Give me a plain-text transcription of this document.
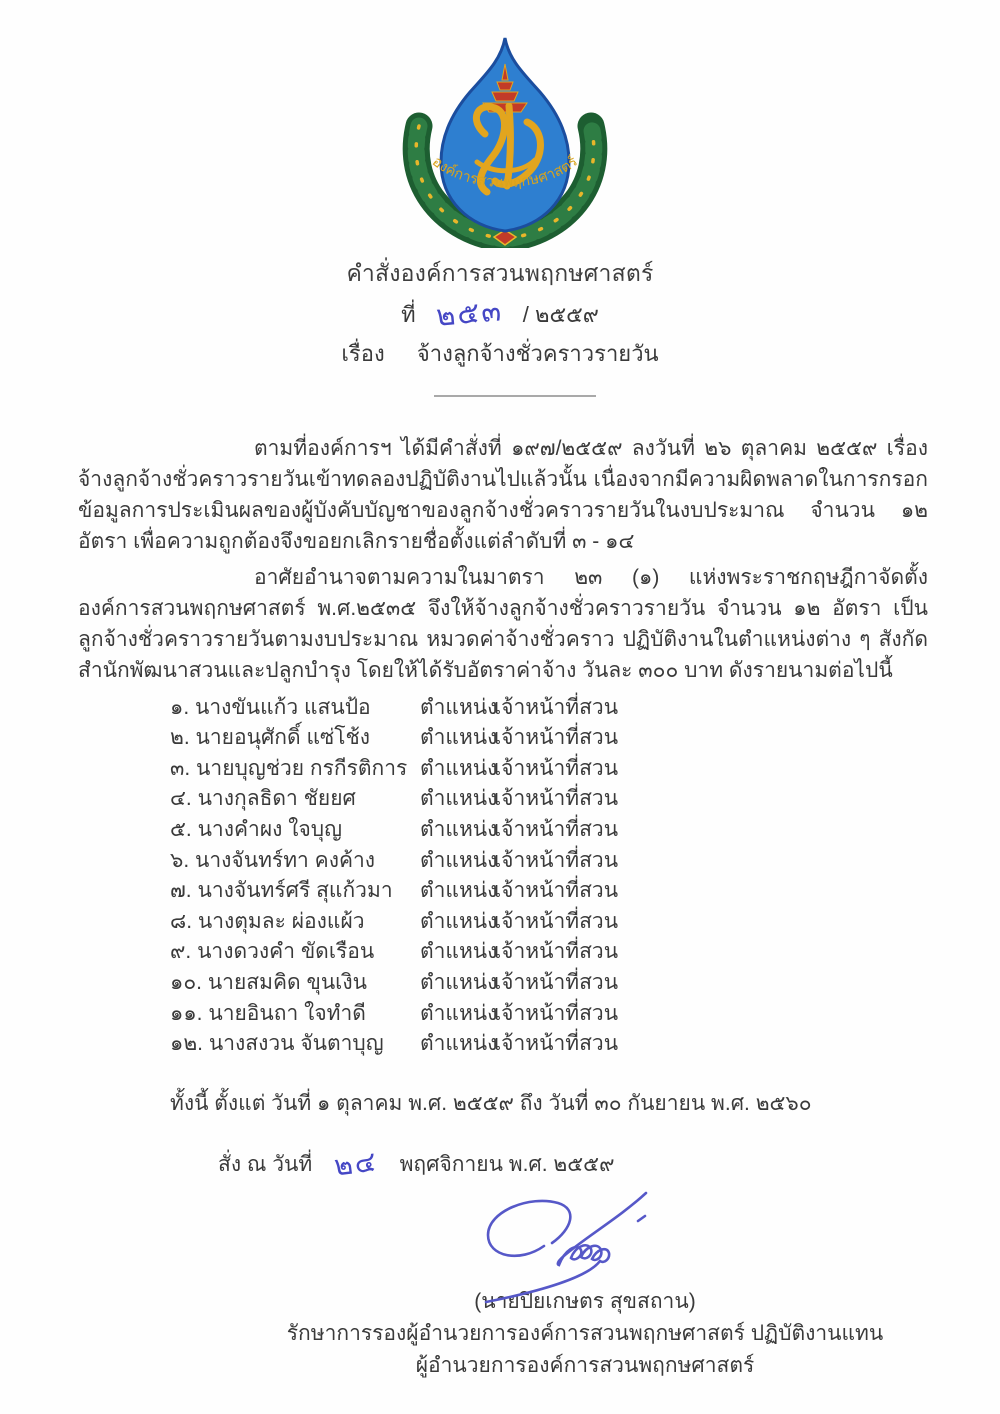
องค์การสวนพฤกษศาสตร์
คำสั่งองค์การสวนพฤกษศาสตร์
ที่ ๒๕๓ / ๒๕๕๙
เรื่อง จ้างลูกจ้างชั่วคราวรายวัน

ตามที่องค์การฯ ได้มีคำสั่งที่ ๑๙๗/๒๕๕๙ ลงวันที่ ๒๖ ตุลาคม ๒๕๕๙ เรื่องจ้างลูกจ้างชั่วคราวรายวันเข้าทดลองปฏิบัติงานไปแล้วนั้น เนื่องจากมีความผิดพลาดในการกรอกข้อมูลการประเมินผลของผู้บังคับบัญชาของลูกจ้างชั่วคราวรายวันในงบประมาณ จำนวน ๑๒ อัตรา เพื่อความถูกต้องจึงขอยกเลิกรายชื่อตั้งแต่ลำดับที่ ๓ - ๑๔

อาศัยอำนาจตามความในมาตรา ๒๓ (๑) แห่งพระราชกฤษฎีกาจัดตั้งองค์การสวนพฤกษศาสตร์ พ.ศ.๒๕๓๕ จึงให้จ้างลูกจ้างชั่วคราวรายวัน จำนวน ๑๒ อัตรา เป็นลูกจ้างชั่วคราวรายวันตามงบประมาณ หมวดค่าจ้างชั่วคราว ปฏิบัติงานในตำแหน่งต่าง ๆ สังกัดสำนักพัฒนาสวนและปลูกบำรุง โดยให้ได้รับอัตราค่าจ้าง วันละ ๓๐๐ บาท ดังรายนามต่อไปนี้

๑. นางขันแก้ว แสนป้อ	ตำแหน่ง
เจ้าหน้าที่สวน
๒. นายอนุศักดิ์ แซ่โช้ง	ตำแหน่ง
เจ้าหน้าที่สวน
๓. นายบุญช่วย กรกีรติการ ตำแหน่ง
เจ้าหน้าที่สวน
๔. นางกุลธิดา ชัยยศ	ตำแหน่ง
เจ้าหน้าที่สวน
๕. นางคำผง ใจบุญ	ตำแหน่ง
เจ้าหน้าที่สวน
๖. นางจันทร์ทา คงค้าง	ตำแหน่ง
เจ้าหน้าที่สวน
๗. นางจันทร์ศรี สุแก้วมา	ตำแหน่ง
เจ้าหน้าที่สวน
๘. นางตุมละ ผ่องแผ้ว	ตำแหน่ง
เจ้าหน้าที่สวน
๙. นางดวงคำ ขัดเรือน	ตำแหน่ง
เจ้าหน้าที่สวน
๑๐. นายสมคิด ขุนเงิน	ตำแหน่ง
เจ้าหน้าที่สวน
๑๑. นายอินถา ใจทำดี	ตำแหน่ง
เจ้าหน้าที่สวน
๑๒. นางสงวน จันตาบุญ	ตำแหน่ง
เจ้าหน้าที่สวน

ทั้งนี้ ตั้งแต่ วันที่ ๑ ตุลาคม พ.ศ. ๒๕๕๙ ถึง วันที่ ๓๐ กันยายน พ.ศ. ๒๕๖๐

สั่ง ณ วันที่ ๒๔ พฤศจิกายน พ.ศ. ๒๕๕๙

(นายปิยเกษตร สุขสถาน)
รักษาการรองผู้อำนวยการองค์การสวนพฤกษศาสตร์ ปฏิบัติงานแทน
ผู้อำนวยการองค์การสวนพฤกษศาสตร์
